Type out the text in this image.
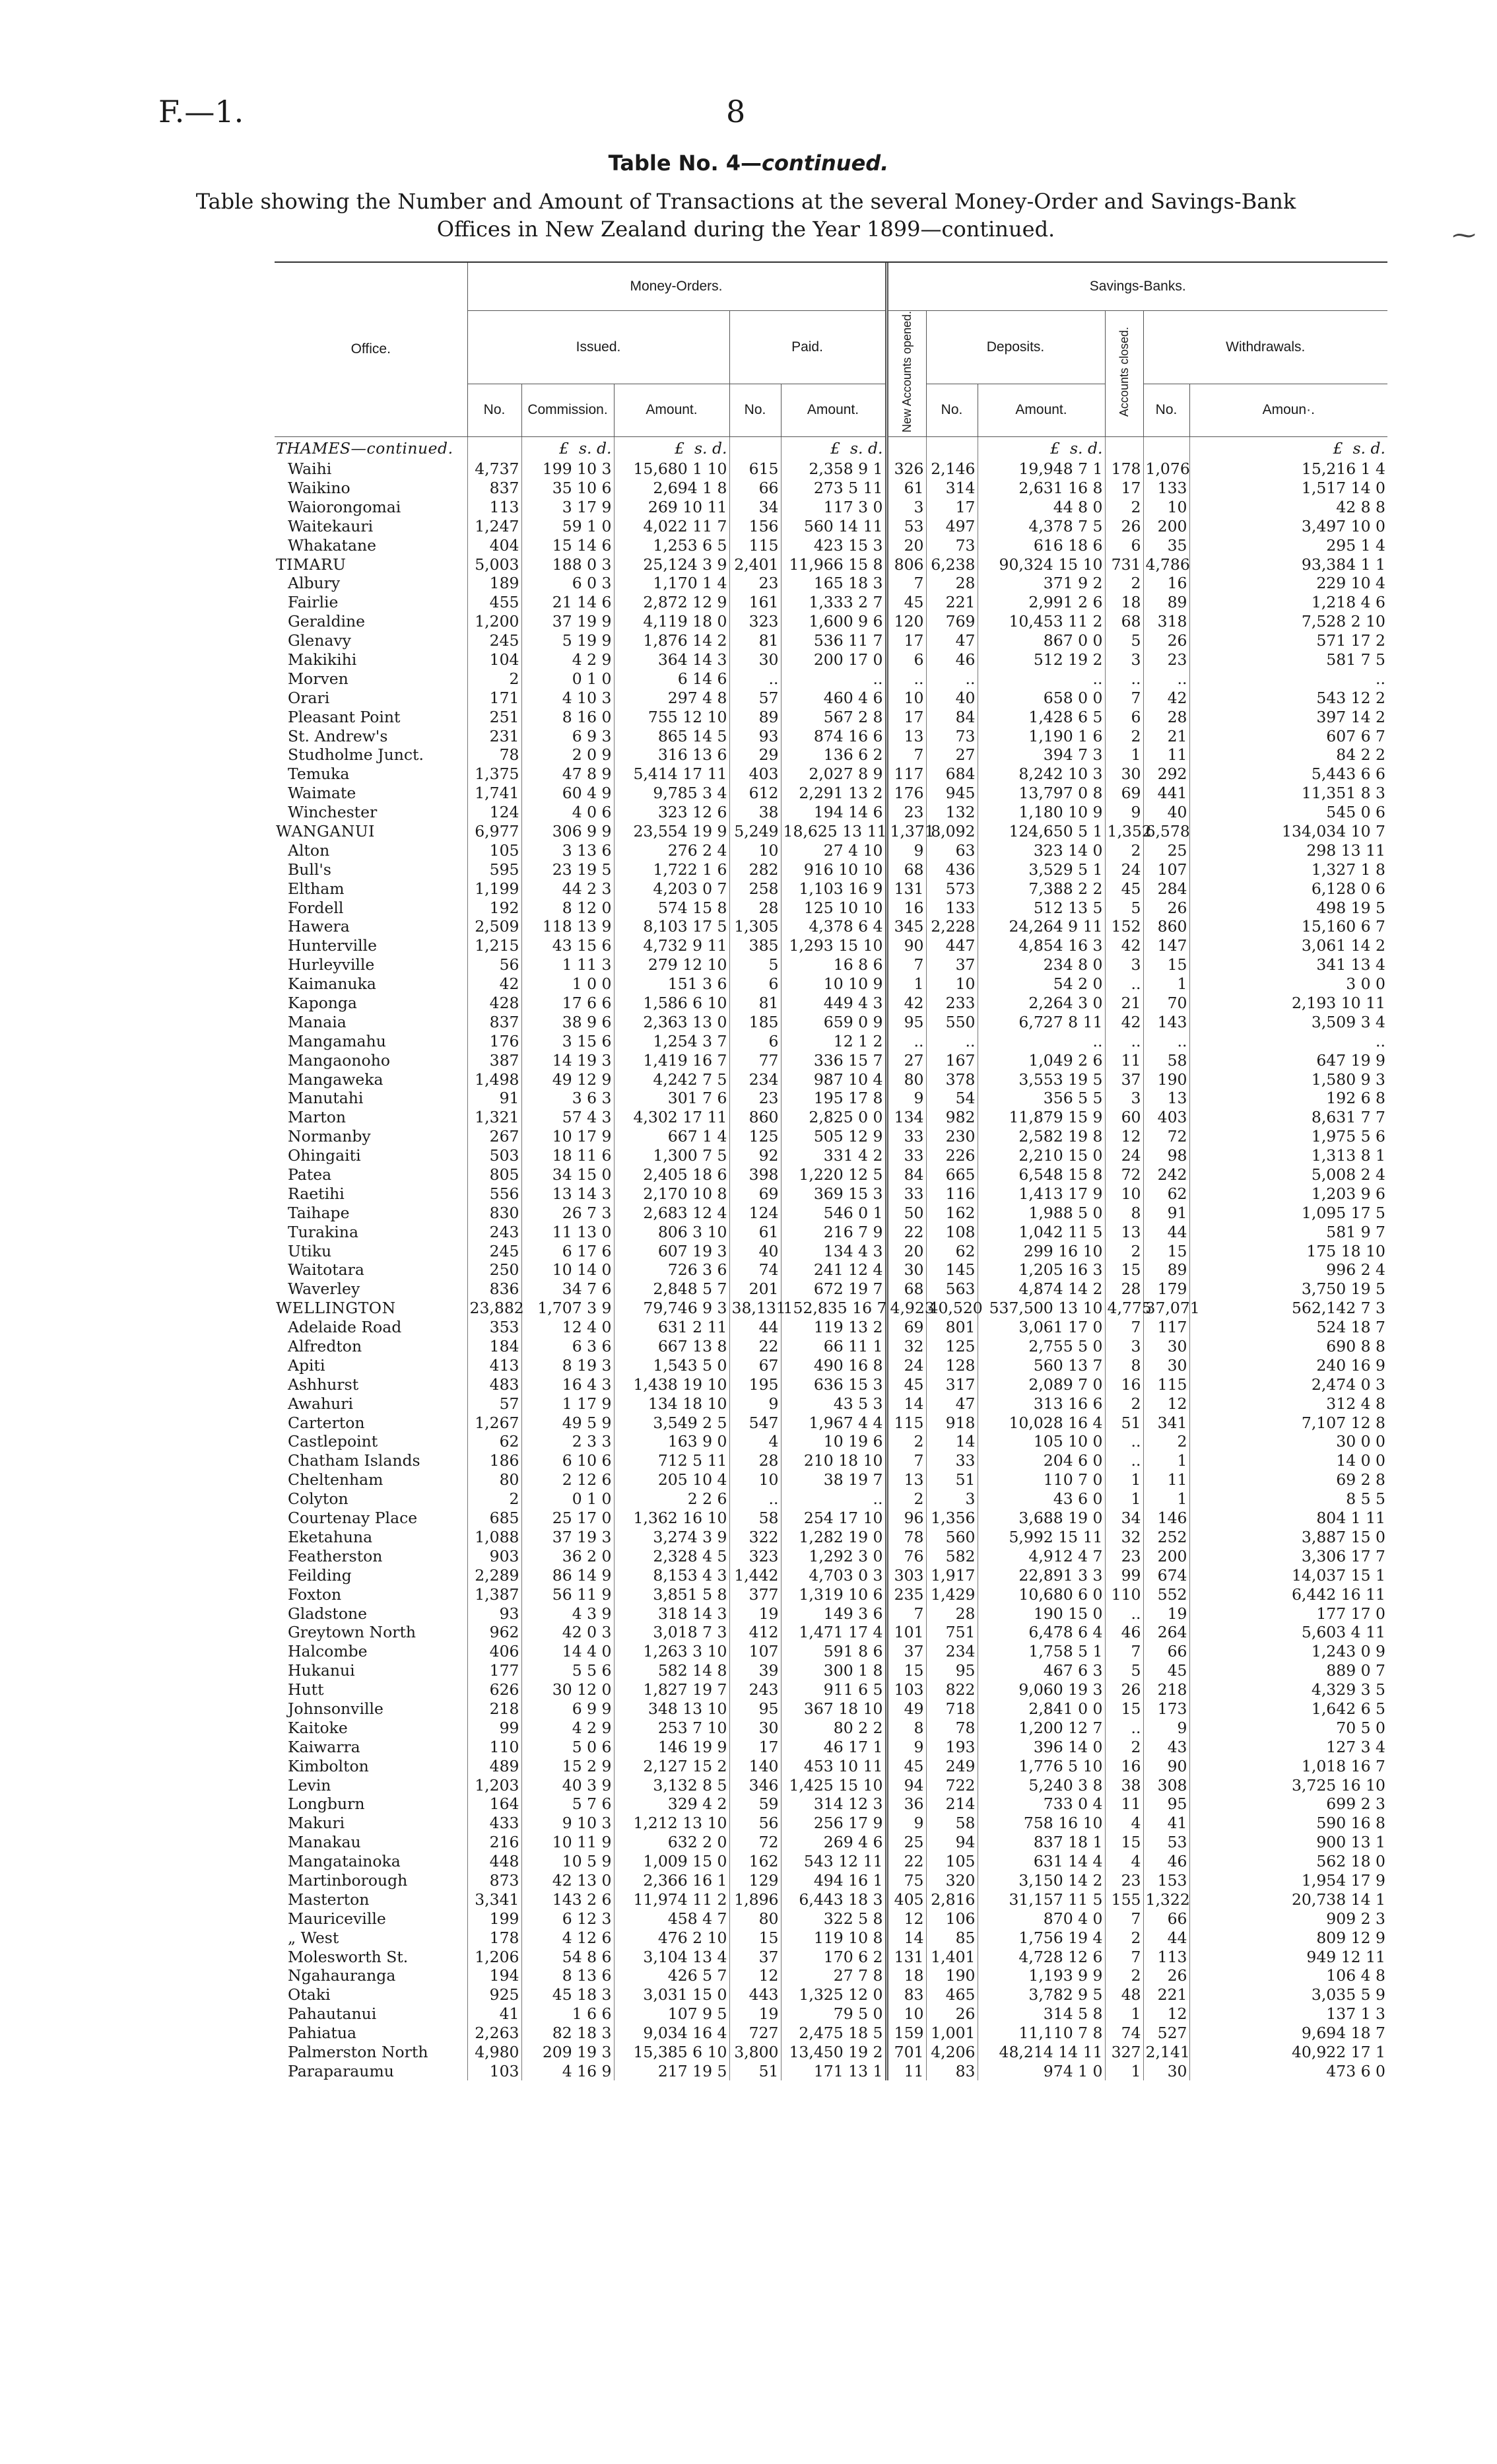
F.—1.	8
Table No. 4—continued.
Table showing the Number and Amount of Transactions at the several Money-Order and Savings-Bank
Offices in New Zealand during the Year 1899—continued.	⁓
Office.	Money-Orders.					Savings-Banks.					
	Issued.			Paid.		New Accounts opened.	Deposits.		Accounts closed.	Withdrawals.	
	No.	Commission.	Amount.	No.	Amount.		No.	Amount.		No.	Amoun·.
THAMES—continued.		£ s. d.	£ s. d.		£ s. d.			£ s. d.			£ s. d.
Waihi	4,737	199 10 3	15,680 1 10	615	2,358 9 1	326	2,146	19,948 7 1	178	1,076	15,216 1 4
Waikino	837	35 10 6	2,694 1 8	66	273 5 11	61	314	2,631 16 8	17	133	1,517 14 0
Waiorongomai	113	3 17 9	269 10 11	34	117 3 0	3	17	44 8 0	2	10	42 8 8
Waitekauri	1,247	59 1 0	4,022 11 7	156	560 14 11	53	497	4,378 7 5	26	200	3,497 10 0
Whakatane	404	15 14 6	1,253 6 5	115	423 15 3	20	73	616 18 6	6	35	295 1 4
TIMARU	5,003	188 0 3	25,124 3 9	2,401	11,966 15 8	806	6,238	90,324 15 10	731	4,786	93,384 1 1
Albury	189	6 0 3	1,170 1 4	23	165 18 3	7	28	371 9 2	2	16	229 10 4
Fairlie	455	21 14 6	2,872 12 9	161	1,333 2 7	45	221	2,991 2 6	18	89	1,218 4 6
Geraldine	1,200	37 19 9	4,119 18 0	323	1,600 9 6	120	769	10,453 11 2	68	318	7,528 2 10
Glenavy	245	5 19 9	1,876 14 2	81	536 11 7	17	47	867 0 0	5	26	571 17 2
Makikihi	104	4 2 9	364 14 3	30	200 17 0	6	46	512 19 2	3	23	581 7 5
Morven	2	0 1 0	6 14 6	..	..	..	..	..	..	..	..
Orari	171	4 10 3	297 4 8	57	460 4 6	10	40	658 0 0	7	42	543 12 2
Pleasant Point	251	8 16 0	755 12 10	89	567 2 8	17	84	1,428 6 5	6	28	397 14 2
St. Andrew's	231	6 9 3	865 14 5	93	874 16 6	13	73	1,190 1 6	2	21	607 6 7
Studholme Junct.	78	2 0 9	316 13 6	29	136 6 2	7	27	394 7 3	1	11	84 2 2
Temuka	1,375	47 8 9	5,414 17 11	403	2,027 8 9	117	684	8,242 10 3	30	292	5,443 6 6
Waimate	1,741	60 4 9	9,785 3 4	612	2,291 13 2	176	945	13,797 0 8	69	441	11,351 8 3
Winchester	124	4 0 6	323 12 6	38	194 14 6	23	132	1,180 10 9	9	40	545 0 6
WANGANUI	6,977	306 9 9	23,554 19 9	5,249	18,625 13 11	1,371	8,092	124,650 5 1	1,352	6,578	134,034 10 7
Alton	105	3 13 6	276 2 4	10	27 4 10	9	63	323 14 0	2	25	298 13 11
Bull's	595	23 19 5	1,722 1 6	282	916 10 10	68	436	3,529 5 1	24	107	1,327 1 8
Eltham	1,199	44 2 3	4,203 0 7	258	1,103 16 9	131	573	7,388 2 2	45	284	6,128 0 6
Fordell	192	8 12 0	574 15 8	28	125 10 10	16	133	512 13 5	5	26	498 19 5
Hawera	2,509	118 13 9	8,103 17 5	1,305	4,378 6 4	345	2,228	24,264 9 11	152	860	15,160 6 7
Hunterville	1,215	43 15 6	4,732 9 11	385	1,293 15 10	90	447	4,854 16 3	42	147	3,061 14 2
Hurleyville	56	1 11 3	279 12 10	5	16 8 6	7	37	234 8 0	3	15	341 13 4
Kaimanuka	42	1 0 0	151 3 6	6	10 10 9	1	10	54 2 0	..	1	3 0 0
Kaponga	428	17 6 6	1,586 6 10	81	449 4 3	42	233	2,264 3 0	21	70	2,193 10 11
Manaia	837	38 9 6	2,363 13 0	185	659 0 9	95	550	6,727 8 11	42	143	3,509 3 4
Mangamahu	176	3 15 6	1,254 3 7	6	12 1 2	..	..	..	..	..	..
Mangaonoho	387	14 19 3	1,419 16 7	77	336 15 7	27	167	1,049 2 6	11	58	647 19 9
Mangaweka	1,498	49 12 9	4,242 7 5	234	987 10 4	80	378	3,553 19 5	37	190	1,580 9 3
Manutahi	91	3 6 3	301 7 6	23	195 17 8	9	54	356 5 5	3	13	192 6 8
Marton	1,321	57 4 3	4,302 17 11	860	2,825 0 0	134	982	11,879 15 9	60	403	8,631 7 7
Normanby	267	10 17 9	667 1 4	125	505 12 9	33	230	2,582 19 8	12	72	1,975 5 6
Ohingaiti	503	18 11 6	1,300 7 5	92	331 4 2	33	226	2,210 15 0	24	98	1,313 8 1
Patea	805	34 15 0	2,405 18 6	398	1,220 12 5	84	665	6,548 15 8	72	242	5,008 2 4
Raetihi	556	13 14 3	2,170 10 8	69	369 15 3	33	116	1,413 17 9	10	62	1,203 9 6
Taihape	830	26 7 3	2,683 12 4	124	546 0 1	50	162	1,988 5 0	8	91	1,095 17 5
Turakina	243	11 13 0	806 3 10	61	216 7 9	22	108	1,042 11 5	13	44	581 9 7
Utiku	245	6 17 6	607 19 3	40	134 4 3	20	62	299 16 10	2	15	175 18 10
Waitotara	250	10 14 0	726 3 6	74	241 12 4	30	145	1,205 16 3	15	89	996 2 4
Waverley	836	34 7 6	2,848 5 7	201	672 19 7	68	563	4,874 14 2	28	179	3,750 19 5
WELLINGTON	23,882	1,707 3 9	79,746 9 3	38,131	152,835 16 7	4,923	40,520	537,500 13 10	4,775	37,071	562,142 7 3
Adelaide Road	353	12 4 0	631 2 11	44	119 13 2	69	801	3,061 17 0	7	117	524 18 7
Alfredton	184	6 3 6	667 13 8	22	66 11 1	32	125	2,755 5 0	3	30	690 8 8
Apiti	413	8 19 3	1,543 5 0	67	490 16 8	24	128	560 13 7	8	30	240 16 9
Ashhurst	483	16 4 3	1,438 19 10	195	636 15 3	45	317	2,089 7 0	16	115	2,474 0 3
Awahuri	57	1 17 9	134 18 10	9	43 5 3	14	47	313 16 6	2	12	312 4 8
Carterton	1,267	49 5 9	3,549 2 5	547	1,967 4 4	115	918	10,028 16 4	51	341	7,107 12 8
Castlepoint	62	2 3 3	163 9 0	4	10 19 6	2	14	105 10 0	..	2	30 0 0
Chatham Islands	186	6 10 6	712 5 11	28	210 18 10	7	33	204 6 0	..	1	14 0 0
Cheltenham	80	2 12 6	205 10 4	10	38 19 7	13	51	110 7 0	1	11	69 2 8
Colyton	2	0 1 0	2 2 6	..	..	2	3	43 6 0	1	1	8 5 5
Courtenay Place	685	25 17 0	1,362 16 10	58	254 17 10	96	1,356	3,688 19 0	34	146	804 1 11
Eketahuna	1,088	37 19 3	3,274 3 9	322	1,282 19 0	78	560	5,992 15 11	32	252	3,887 15 0
Featherston	903	36 2 0	2,328 4 5	323	1,292 3 0	76	582	4,912 4 7	23	200	3,306 17 7
Feilding	2,289	86 14 9	8,153 4 3	1,442	4,703 0 3	303	1,917	22,891 3 3	99	674	14,037 15 1
Foxton	1,387	56 11 9	3,851 5 8	377	1,319 10 6	235	1,429	10,680 6 0	110	552	6,442 16 11
Gladstone	93	4 3 9	318 14 3	19	149 3 6	7	28	190 15 0	..	19	177 17 0
Greytown North	962	42 0 3	3,018 7 3	412	1,471 17 4	101	751	6,478 6 4	46	264	5,603 4 11
Halcombe	406	14 4 0	1,263 3 10	107	591 8 6	37	234	1,758 5 1	7	66	1,243 0 9
Hukanui	177	5 5 6	582 14 8	39	300 1 8	15	95	467 6 3	5	45	889 0 7
Hutt	626	30 12 0	1,827 19 7	243	911 6 5	103	822	9,060 19 3	26	218	4,329 3 5
Johnsonville	218	6 9 9	348 13 10	95	367 18 10	49	718	2,841 0 0	15	173	1,642 6 5
Kaitoke	99	4 2 9	253 7 10	30	80 2 2	8	78	1,200 12 7	..	9	70 5 0
Kaiwarra	110	5 0 6	146 19 9	17	46 17 1	9	193	396 14 0	2	43	127 3 4
Kimbolton	489	15 2 9	2,127 15 2	140	453 10 11	45	249	1,776 5 10	16	90	1,018 16 7
Levin	1,203	40 3 9	3,132 8 5	346	1,425 15 10	94	722	5,240 3 8	38	308	3,725 16 10
Longburn	164	5 7 6	329 4 2	59	314 12 3	36	214	733 0 4	11	95	699 2 3
Makuri	433	9 10 3	1,212 13 10	56	256 17 9	9	58	758 16 10	4	41	590 16 8
Manakau	216	10 11 9	632 2 0	72	269 4 6	25	94	837 18 1	15	53	900 13 1
Mangatainoka	448	10 5 9	1,009 15 0	162	543 12 11	22	105	631 14 4	4	46	562 18 0
Martinborough	873	42 13 0	2,366 16 1	129	494 16 1	75	320	3,150 14 2	23	153	1,954 17 9
Masterton	3,341	143 2 6	11,974 11 2	1,896	6,443 18 3	405	2,816	31,157 11 5	155	1,322	20,738 14 1
Mauriceville	199	6 12 3	458 4 7	80	322 5 8	12	106	870 4 0	7	66	909 2 3
„ West	178	4 12 6	476 2 10	15	119 10 8	14	85	1,756 19 4	2	44	809 12 9
Molesworth St.	1,206	54 8 6	3,104 13 4	37	170 6 2	131	1,401	4,728 12 6	7	113	949 12 11
Ngahauranga	194	8 13 6	426 5 7	12	27 7 8	18	190	1,193 9 9	2	26	106 4 8
Otaki	925	45 18 3	3,031 15 0	443	1,325 12 0	83	465	3,782 9 5	48	221	3,035 5 9
Pahautanui	41	1 6 6	107 9 5	19	79 5 0	10	26	314 5 8	1	12	137 1 3
Pahiatua	2,263	82 18 3	9,034 16 4	727	2,475 18 5	159	1,001	11,110 7 8	74	527	9,694 18 7
Palmerston North	4,980	209 19 3	15,385 6 10	3,800	13,450 19 2	701	4,206	48,214 14 11	327	2,141	40,922 17 1
Paraparaumu	103	4 16 9	217 19 5	51	171 13 1	11	83	974 1 0	1	30	473 6 0
